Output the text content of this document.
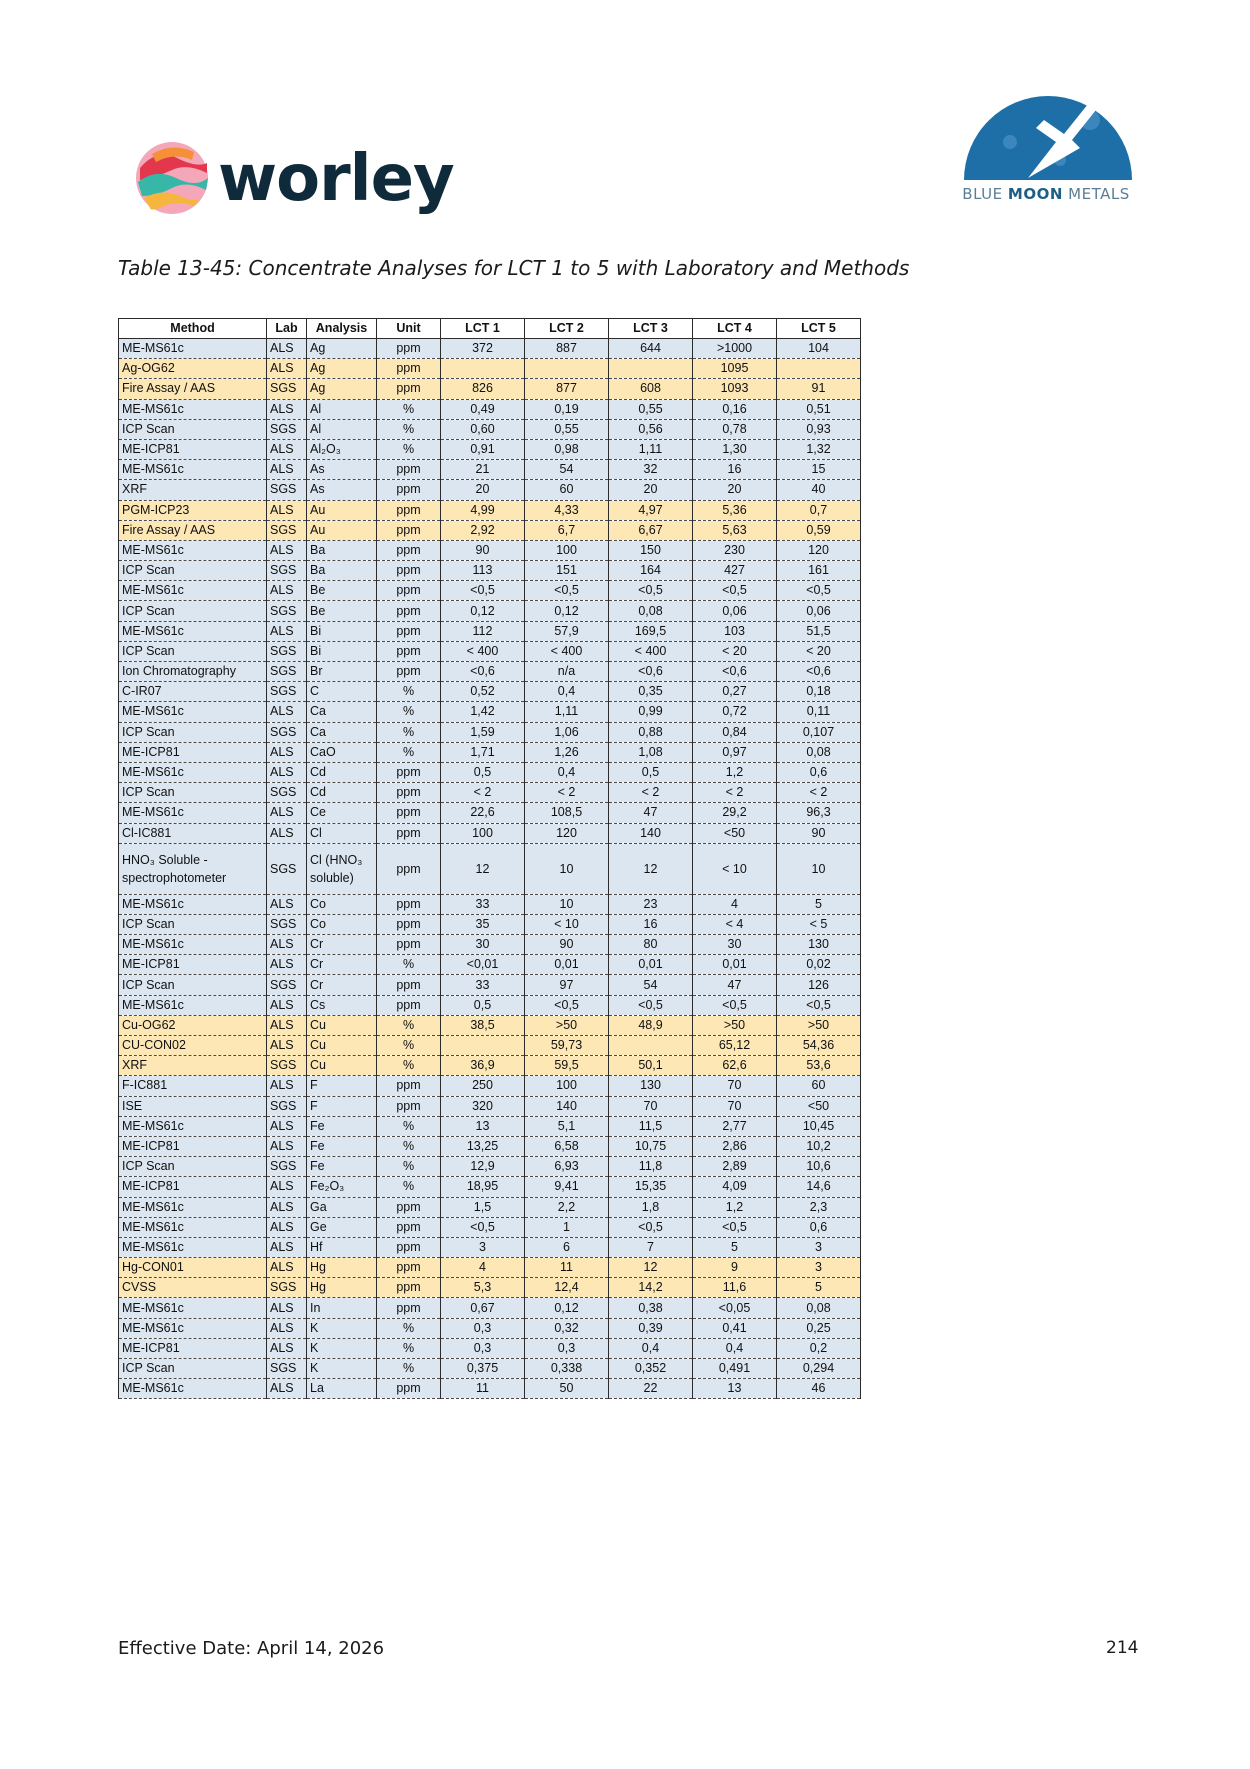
worley	BLUE MOON METALS
Table 13-45: Concentrate Analyses for LCT 1 to 5 with Laboratory and Methods
Method	Lab	Analysis	Unit	LCT 1	LCT 2	LCT 3	LCT 4	LCT 5
ME-MS61c	ALS	Ag	ppm	372	887	644	>1000	104
Ag-OG62	ALS	Ag	ppm				1095	
Fire Assay / AAS	SGS	Ag	ppm	826	877	608	1093	91
ME-MS61c	ALS	Al	%	0,49	0,19	0,55	0,16	0,51
ICP Scan	SGS	Al	%	0,60	0,55	0,56	0,78	0,93
ME-ICP81	ALS	Al₂O₃	%	0,91	0,98	1,11	1,30	1,32
ME-MS61c	ALS	As	ppm	21	54	32	16	15
XRF	SGS	As	ppm	20	60	20	20	40
PGM-ICP23	ALS	Au	ppm	4,99	4,33	4,97	5,36	0,7
Fire Assay / AAS	SGS	Au	ppm	2,92	6,7	6,67	5,63	0,59
ME-MS61c	ALS	Ba	ppm	90	100	150	230	120
ICP Scan	SGS	Ba	ppm	113	151	164	427	161
ME-MS61c	ALS	Be	ppm	<0,5	<0,5	<0,5	<0,5	<0,5
ICP Scan	SGS	Be	ppm	0,12	0,12	0,08	0,06	0,06
ME-MS61c	ALS	Bi	ppm	112	57,9	169,5	103	51,5
ICP Scan	SGS	Bi	ppm	< 400	< 400	< 400	< 20	< 20
Ion Chromatography	SGS	Br	ppm	<0,6	n/a	<0,6	<0,6	<0,6
C-IR07	SGS	C	%	0,52	0,4	0,35	0,27	0,18
ME-MS61c	ALS	Ca	%	1,42	1,11	0,99	0,72	0,11
ICP Scan	SGS	Ca	%	1,59	1,06	0,88	0,84	0,107
ME-ICP81	ALS	CaO	%	1,71	1,26	1,08	0,97	0,08
ME-MS61c	ALS	Cd	ppm	0,5	0,4	0,5	1,2	0,6
ICP Scan	SGS	Cd	ppm	< 2	< 2	< 2	< 2	< 2
ME-MS61c	ALS	Ce	ppm	22,6	108,5	47	29,2	96,3
Cl-IC881	ALS	Cl	ppm	100	120	140	<50	90
HNO₃ Soluble - spectrophotometer	SGS	Cl (HNO₃ soluble)	ppm	12	10	12	< 10	10
ME-MS61c	ALS	Co	ppm	33	10	23	4	5
ICP Scan	SGS	Co	ppm	35	< 10	16	< 4	< 5
ME-MS61c	ALS	Cr	ppm	30	90	80	30	130
ME-ICP81	ALS	Cr	%	<0,01	0,01	0,01	0,01	0,02
ICP Scan	SGS	Cr	ppm	33	97	54	47	126
ME-MS61c	ALS	Cs	ppm	0,5	<0,5	<0,5	<0,5	<0,5
Cu-OG62	ALS	Cu	%	38,5	>50	48,9	>50	>50
CU-CON02	ALS	Cu	%		59,73		65,12	54,36
XRF	SGS	Cu	%	36,9	59,5	50,1	62,6	53,6
F-IC881	ALS	F	ppm	250	100	130	70	60
ISE	SGS	F	ppm	320	140	70	70	<50
ME-MS61c	ALS	Fe	%	13	5,1	11,5	2,77	10,45
ME-ICP81	ALS	Fe	%	13,25	6,58	10,75	2,86	10,2
ICP Scan	SGS	Fe	%	12,9	6,93	11,8	2,89	10,6
ME-ICP81	ALS	Fe₂O₃	%	18,95	9,41	15,35	4,09	14,6
ME-MS61c	ALS	Ga	ppm	1,5	2,2	1,8	1,2	2,3
ME-MS61c	ALS	Ge	ppm	<0,5	1	<0,5	<0,5	0,6
ME-MS61c	ALS	Hf	ppm	3	6	7	5	3
Hg-CON01	ALS	Hg	ppm	4	11	12	9	3
CVSS	SGS	Hg	ppm	5,3	12,4	14,2	11,6	5
ME-MS61c	ALS	In	ppm	0,67	0,12	0,38	<0,05	0,08
ME-MS61c	ALS	K	%	0,3	0,32	0,39	0,41	0,25
ME-ICP81	ALS	K	%	0,3	0,3	0,4	0,4	0,2
ICP Scan	SGS	K	%	0,375	0,338	0,352	0,491	0,294
ME-MS61c	ALS	La	ppm	11	50	22	13	46
Effective Date: April 14, 2026	214
